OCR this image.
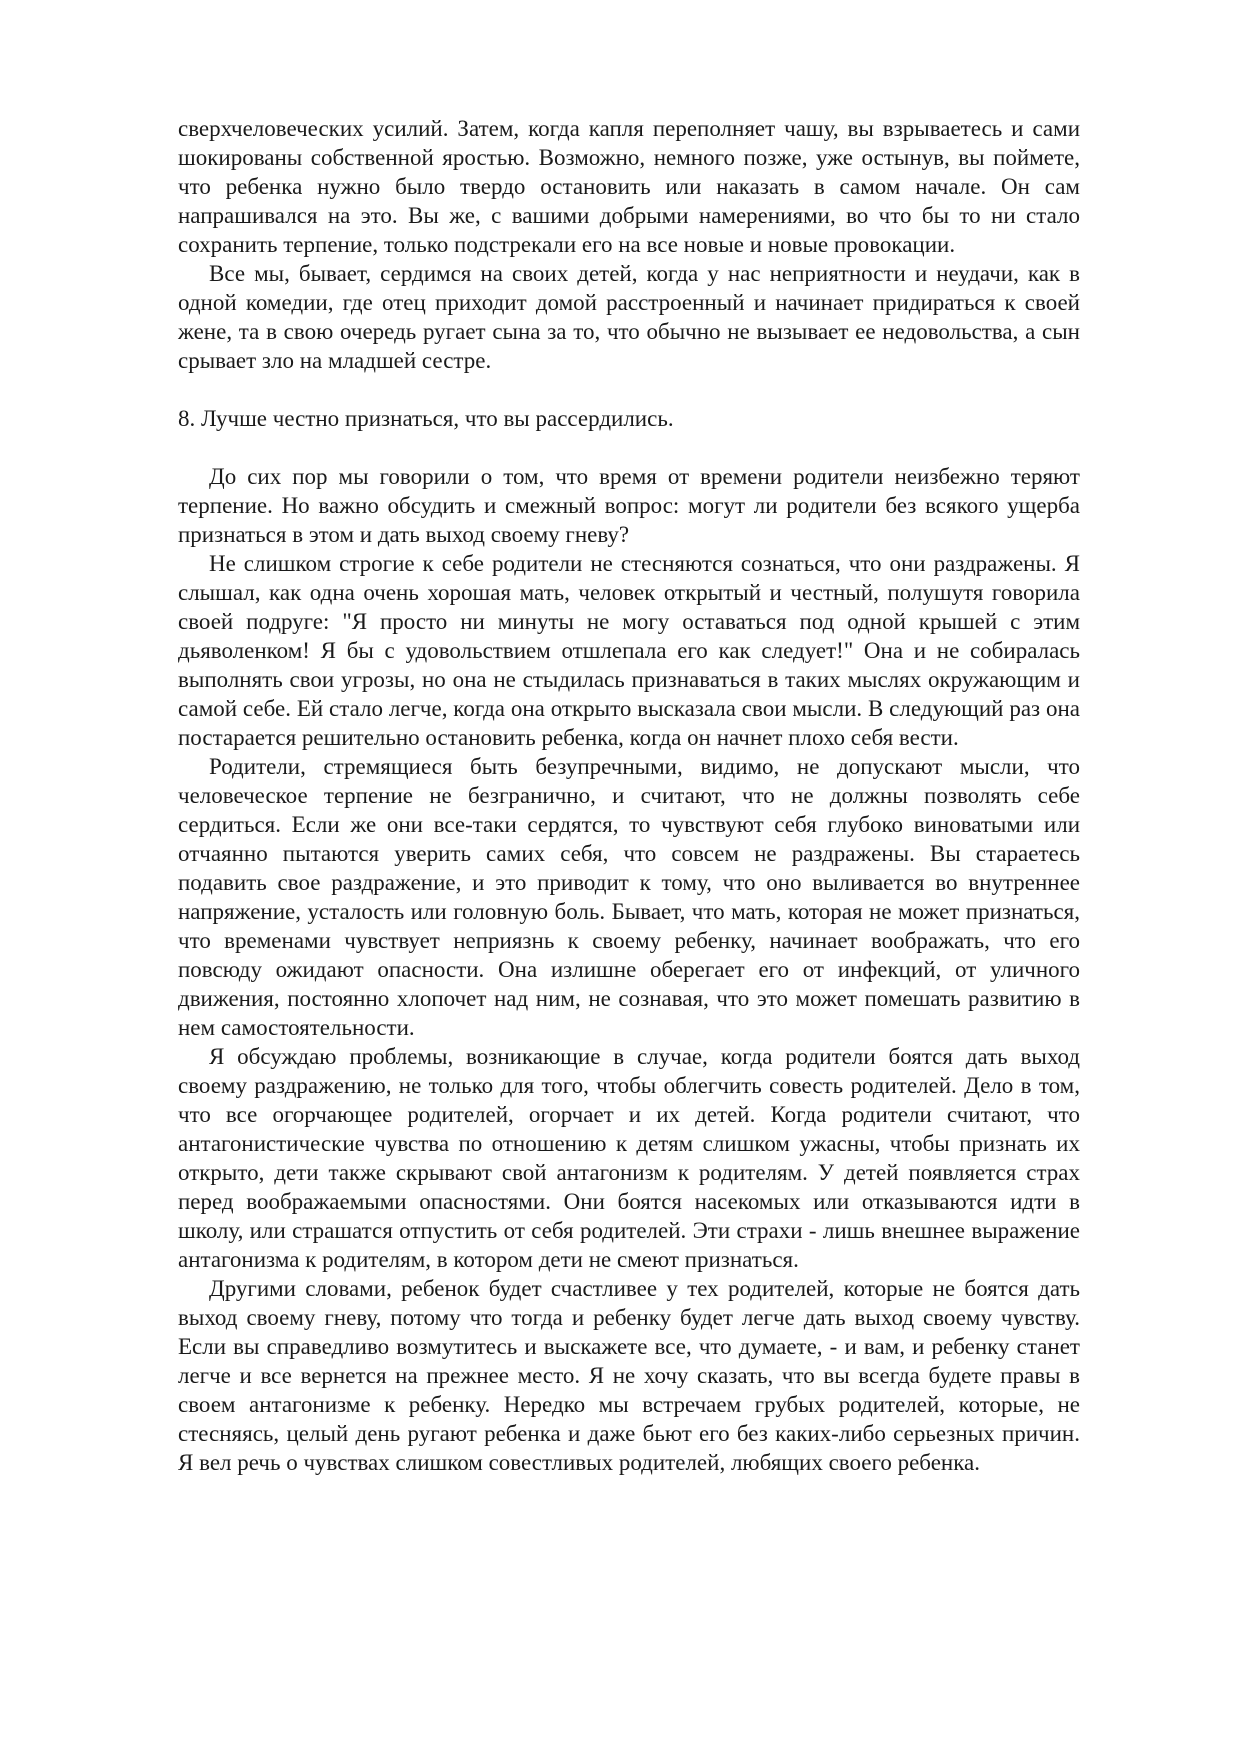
сверхчеловеческих усилий. Затем, когда капля переполняет чашу, вы взрываетесь и сами шокированы собственной яростью. Возможно, немного позже, уже остынув, вы поймете, что ребенка нужно было твердо остановить или наказать в самом начале. Он сам напрашивался на это. Вы же, с вашими добрыми намерениями, во что бы то ни стало сохранить терпение, только подстрекали его на все новые и новые провокации.

Все мы, бывает, сердимся на своих детей, когда у нас неприятности и неудачи, как в одной комедии, где отец приходит домой расстроенный и начинает придираться к своей жене, та в свою очередь ругает сына за то, что обычно не вызывает ее недовольства, а сын срывает зло на младшей сестре.

8. Лучше честно признаться, что вы рассердились.

До сих пор мы говорили о том, что время от времени родители неизбежно теряют терпение. Но важно обсудить и смежный вопрос: могут ли родители без всякого ущерба признаться в этом и дать выход своему гневу?

Не слишком строгие к себе родители не стесняются сознаться, что они раздражены. Я слышал, как одна очень хорошая мать, человек открытый и честный, полушутя говорила своей подруге: "Я просто ни минуты не могу оставаться под одной крышей с этим дьяволенком! Я бы с удовольствием отшлепала его как следует!" Она и не собиралась выполнять свои угрозы, но она не стыдилась признаваться в таких мыслях окружающим и самой себе. Ей стало легче, когда она открыто высказала свои мысли. В следующий раз она постарается решительно остановить ребенка, когда он начнет плохо себя вести.

Родители, стремящиеся быть безупречными, видимо, не допускают мысли, что человеческое терпение не безгранично, и считают, что не должны позволять себе сердиться. Если же они все-таки сердятся, то чувствуют себя глубоко виноватыми или отчаянно пытаются уверить самих себя, что совсем не раздражены. Вы стараетесь подавить свое раздражение, и это приводит к тому, что оно выливается во внутреннее напряжение, усталость или головную боль. Бывает, что мать, которая не может признаться, что временами чувствует неприязнь к своему ребенку, начинает воображать, что его повсюду ожидают опасности. Она излишне оберегает его от инфекций, от уличного движения, постоянно хлопочет над ним, не сознавая, что это может помешать развитию в нем самостоятельности.

Я обсуждаю проблемы, возникающие в случае, когда родители боятся дать выход своему раздражению, не только для того, чтобы облегчить совесть родителей. Дело в том, что все огорчающее родителей, огорчает и их детей. Когда родители считают, что антагонистические чувства по отношению к детям слишком ужасны, чтобы признать их открыто, дети также скрывают свой антагонизм к родителям. У детей появляется страх перед воображаемыми опасностями. Они боятся насекомых или отказываются идти в школу, или страшатся отпустить от себя родителей. Эти страхи - лишь внешнее выражение антагонизма к родителям, в котором дети не смеют признаться.

Другими словами, ребенок будет счастливее у тех родителей, которые не боятся дать выход своему гневу, потому что тогда и ребенку будет легче дать выход своему чувству. Если вы справедливо возмутитесь и выскажете все, что думаете, - и вам, и ребенку станет легче и все вернется на прежнее место. Я не хочу сказать, что вы всегда будете правы в своем антагонизме к ребенку. Нередко мы встречаем грубых родителей, которые, не стесняясь, целый день ругают ребенка и даже бьют его без каких-либо серьезных причин. Я вел речь о чувствах слишком совестливых родителей, любящих своего ребенка.
